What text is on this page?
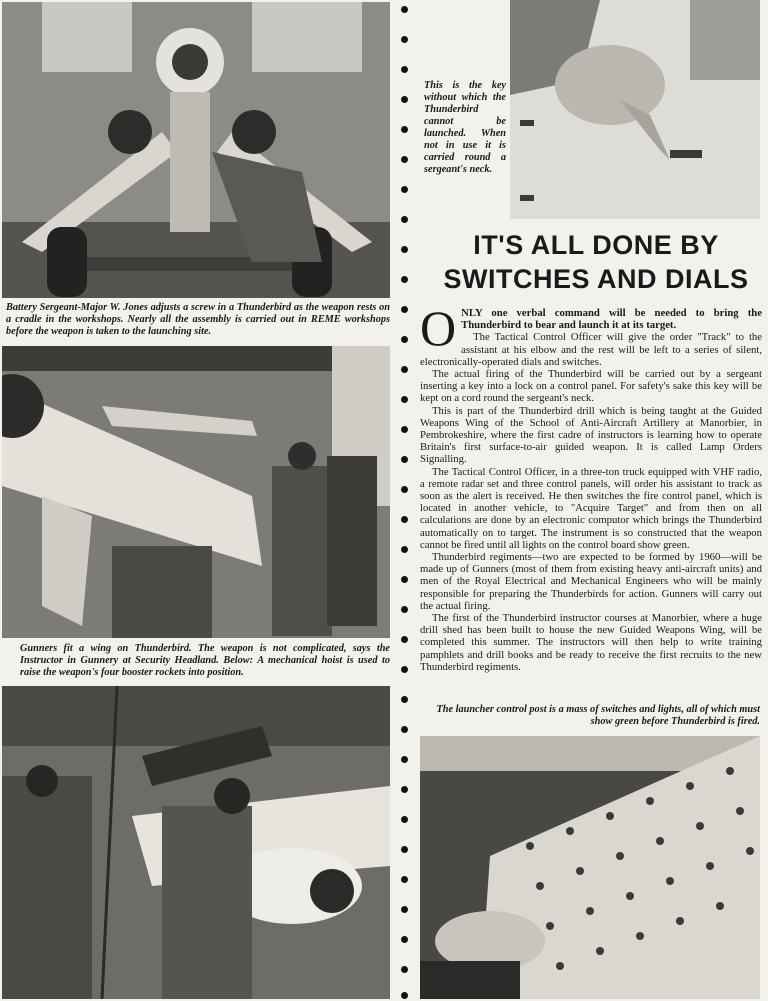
Battery Sergeant-Major W. Jones adjusts a screw in a Thunderbird as the weapon rests on a cradle in the workshops. Nearly all the assembly is carried out in REME workshops before the weapon is taken to the launching site.

Gunners fit a wing on Thunderbird. The weapon is not complicated, says the Instructor in Gunnery at Security Headland. Below: A mechanical hoist is used to raise the weapon's four booster rockets into position.

This is the key without which the Thunderbird cannot be launched. When not in use it is carried round a sergeant's neck.

The launcher control post is a mass of switches and lights, all of which must show green before Thunderbird is fired.

IT'S ALL DONE BY
SWITCHES AND DIALS

ONLY one verbal command will be needed to bring the Thunderbird to bear and launch it at its target.

The Tactical Control Officer will give the order "Track" to the assistant at his elbow and the rest will be left to a series of silent, electronically-operated dials and switches.

The actual firing of the Thunderbird will be carried out by a sergeant inserting a key into a lock on a control panel. For safety's sake this key will be kept on a cord round the sergeant's neck.

This is part of the Thunderbird drill which is being taught at the Guided Weapons Wing of the School of Anti-Aircraft Artillery at Manorbier, in Pembrokeshire, where the first cadre of instructors is learning how to operate Britain's first surface-to-air guided weapon. It is called Lamp Orders Signalling.

The Tactical Control Officer, in a three-ton truck equipped with VHF radio, a remote radar set and three control panels, will order his assistant to track as soon as the alert is received. He then switches the fire control panel, which is located in another vehicle, to "Acquire Target" and from then on all calculations are done by an electronic computor which brings the Thunderbird automatically on to target. The instrument is so constructed that the weapon cannot be fired until all lights on the control board show green.

Thunderbird regiments—two are expected to be formed by 1960—will be made up of Gunners (most of them from existing heavy anti-aircraft units) and men of the Royal Electrical and Mechanical Engineers who will be mainly responsible for preparing the Thunderbirds for action. Gunners will carry out the actual firing.

The first of the Thunderbird instructor courses at Manorbier, where a huge drill shed has been built to house the new Guided Weapons Wing, will be completed this summer. The instructors will then help to write training pamphlets and drill books and be ready to receive the first recruits to the new Thunderbird regiments.
